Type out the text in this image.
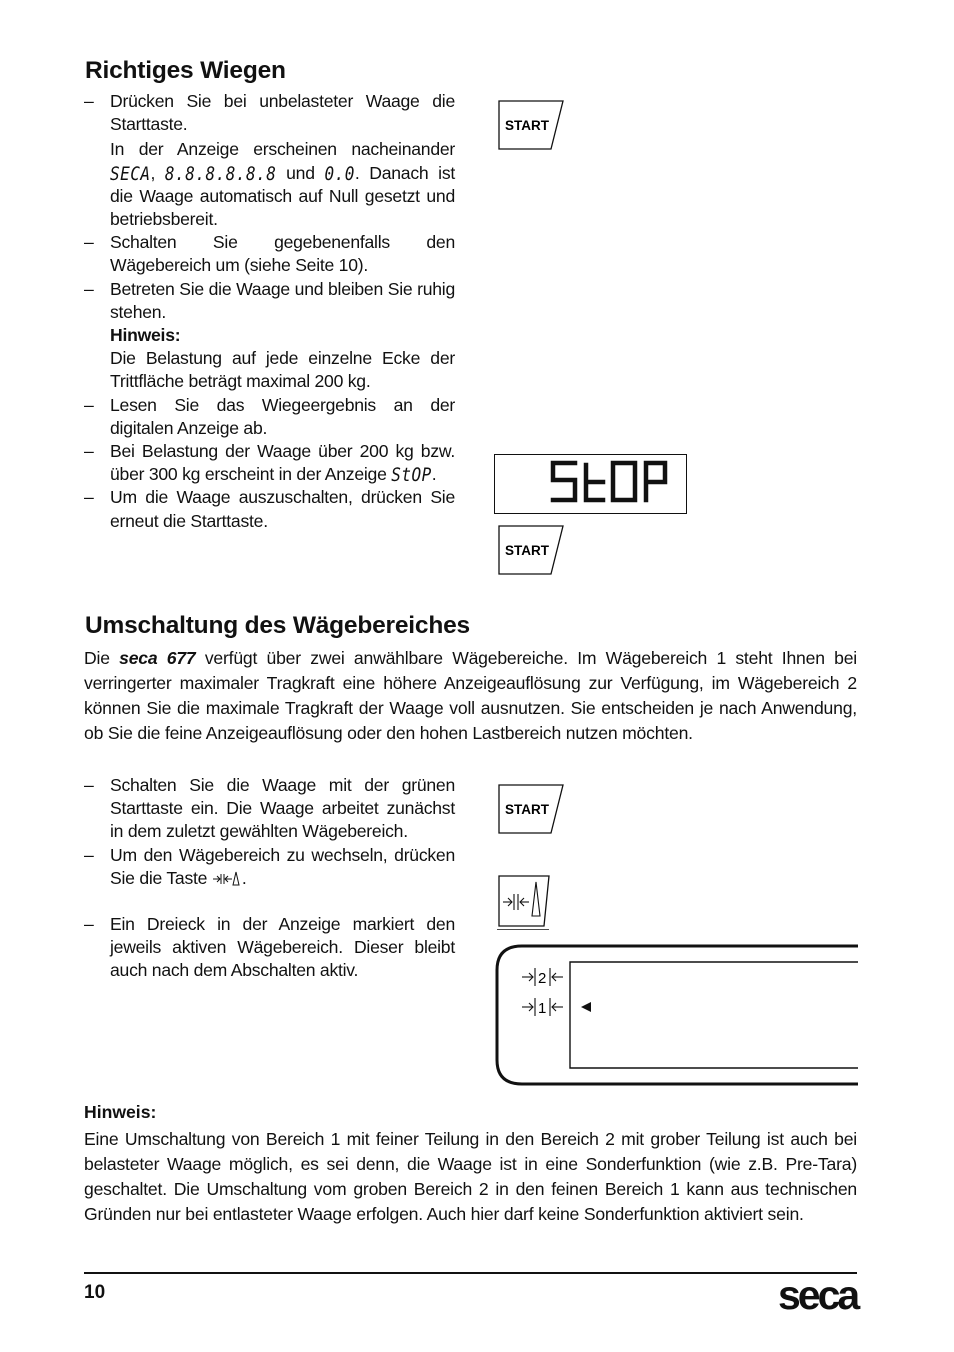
Richtiges Wiegen
– Drücken Sie bei unbelasteter Waage die Starttaste.

In der Anzeige erscheinen nacheinander SECA, 8.8.8.8.8.8 und 0.0. Danach ist die Waage automatisch auf Null gesetzt und betriebsbereit.

– Schalten Sie gegebenenfalls den Wägebereich um (siehe Seite 10).

– Betreten Sie die Waage und bleiben Sie ruhig stehen.

Hinweis:

Die Belastung auf jede einzelne Ecke der Trittfläche beträgt maximal 200 kg.

– Lesen Sie das Wiegeergebnis an der digitalen Anzeige ab.

– Bei Belastung der Waage über 200 kg bzw. über 300 kg erscheint in der Anzeige StOP.

– Um die Waage auszuschalten, drücken Sie erneut die Starttaste.

START
START
Umschaltung des Wägebereiches

Die seca 677 verfügt über zwei anwählbare Wägebereiche. Im Wägebereich 1 steht Ihnen bei verringerter maximaler Tragkraft eine höhere Anzeigeauflösung zur Verfügung, im Wägebereich 2 können Sie die maximale Tragkraft der Waage voll ausnutzen. Sie entscheiden je nach Anwendung, ob Sie die feine Anzeigeauflösung oder den hohen Lastbereich nutzen möchten.

– Schalten Sie die Waage mit der grünen Starttaste ein. Die Waage arbeitet zunächst in dem zuletzt gewählten Wägebereich.

– Um den Wägebereich zu wechseln, drücken Sie die Taste .

– Ein Dreieck in der Anzeige markiert den jeweils aktiven Wägebereich. Dieser bleibt auch nach dem Abschalten aktiv.

START
2
1
Hinweis:

Eine Umschaltung von Bereich 1 mit feiner Teilung in den Bereich 2 mit grober Teilung ist auch bei belasteter Waage möglich, es sei denn, die Waage ist in eine Sonderfunktion (wie z.B. Pre-Tara) geschaltet. Die Umschaltung vom groben Bereich 2 in den feinen Bereich 1 kann aus technischen Gründen nur bei entlasteter Waage erfolgen. Auch hier darf keine Sonderfunktion aktiviert sein.

10	seca
